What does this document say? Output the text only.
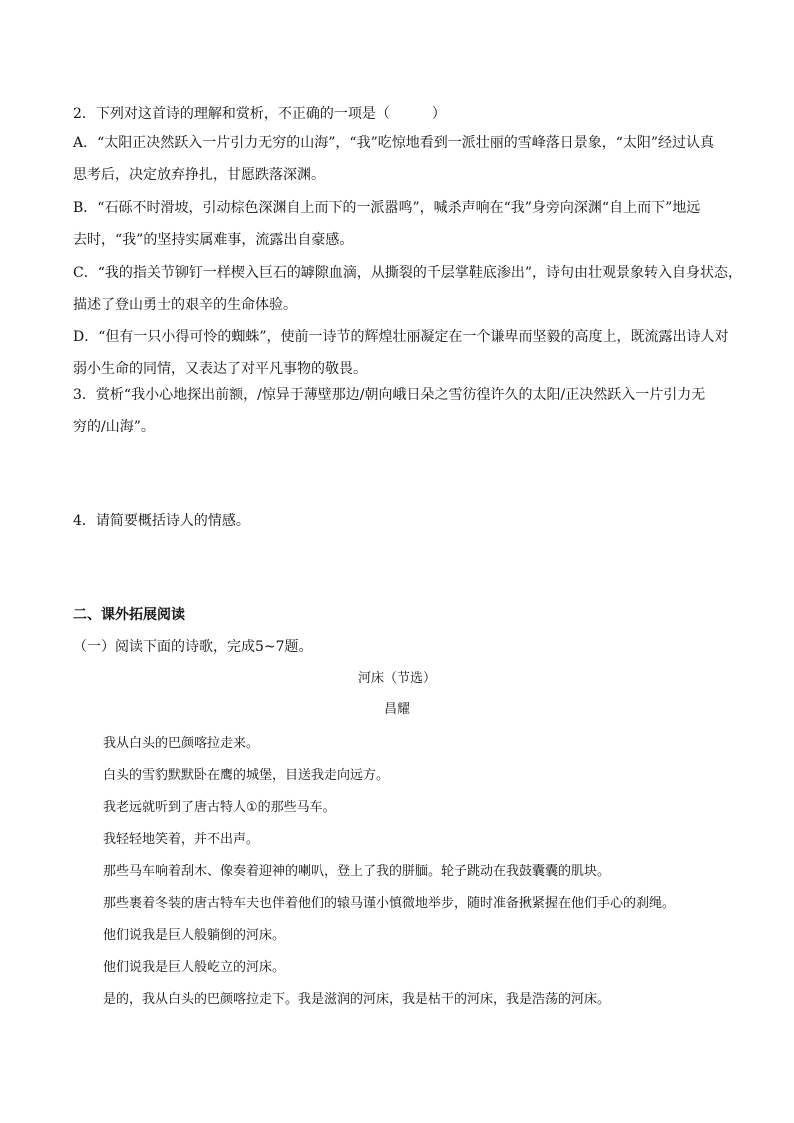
2．下列对这首诗的理解和赏析，不正确的一项是（　　　）

A．“太阳正决然跃入一片引力无穷的山海”，“我”吃惊地看到一派壮丽的雪峰落日景象，“太阳”经过认真
思考后，决定放弃挣扎，甘愿跌落深渊。
B．“石砾不时滑坡，引动棕色深渊自上而下的一派嚣鸣”，喊杀声响在“我”身旁向深渊“自上而下”地远
去时，“我”的坚持实属难事，流露出自豪感。
C．“我的指关节铆钉一样楔入巨石的罅隙血滴，从撕裂的千层掌鞋底渗出”，诗句由壮观景象转入自身状态，
描述了登山勇士的艰辛的生命体验。
D．“但有一只小得可怜的蜘蛛”，使前一诗节的辉煌壮丽凝定在一个谦卑而坚毅的高度上，既流露出诗人对
弱小生命的同情，又表达了对平凡事物的敬畏。
3．赏析“我小心地探出前额，/惊异于薄壁那边/朝向峨日朵之雪彷徨许久的太阳/正决然跃入一片引力无
穷的/山海”。

4．请简要概括诗人的情感。

二、课外拓展阅读

（一）阅读下面的诗歌，完成5~7题。

河床（节选）

昌耀

我从白头的巴颜喀拉走来。

白头的雪豹默默卧在鹰的城堡，目送我走向远方。

我老远就听到了唐古特人①的那些马车。

我轻轻地笑着，并不出声。

那些马车响着刮木、像奏着迎神的喇叭，登上了我的胼腼。轮子跳动在我鼓囊囊的肌块。

那些裹着冬装的唐古特车夫也伴着他们的辕马谨小慎微地举步，随时准备揪紧握在他们手心的刹绳。

他们说我是巨人般躺倒的河床。

他们说我是巨人般屹立的河床。

是的，我从白头的巴颜喀拉走下。我是滋润的河床，我是枯干的河床，我是浩荡的河床。
